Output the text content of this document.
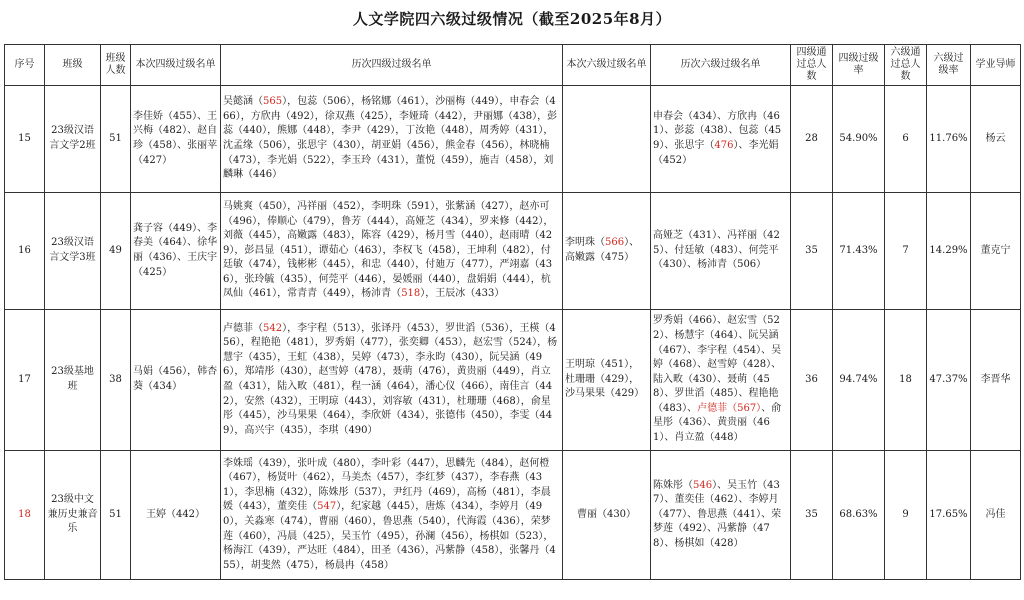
人文学院四六级过级情况（截至2025年8月）
序号	班级	班级人数	本次四级过级名单	历次四级过级名单	本次六级过级名单	历次六级过级名单	四级通过总人数	四级过级率	六级通过总人数	六级过级率	学业导师
15	23级汉语言文学2班	51	李佳娇（455）、王兴梅（482）、赵自珍（458）、张丽苹（427）	吴懿涵（565），包蕊（506），杨铭娜（461），沙丽梅（449），申春会（466），方欣冉（492），徐双燕（425），李娅琦（442），尹丽娜（438），彭蕊（440），熊娜（448），李尹（429），丁汝艳（448），周秀婷（431），沈孟缘（506），张思宇（430），胡亚娟（456），熊金春（456），林晓楠（473），李光娟（522），李玉玲（431），董悦（459），施吉（458），刘麟琳（446）		申春会（434）、方欣冉（461）、彭蕊（438）、包蕊（459）、张思宇（476）、李光娟（452）	28	54.90%	6	11.76%	杨云
16	23级汉语言文学3班	49	龚子容（449）、李春美（464）、徐华丽（436）、王庆宇（425）	马姚爽（450），冯祥丽（452），李明珠（591），张紫涵（427），赵亦可（496），俸顺心（479），鲁芳（444），高娅芝（434），罗来修（442），刘薇（445），高嫩露（483），陈容（429），杨月雪（440），赵雨晴（429），彭昌显（451），谭茹心（463），李权飞（458），王坤利（482），付廷敏（474），钱彬彬（445），和忠（440），付廸万（477），严翊嘉（436），张玲毓（435），何莞平（446），晏媛丽（440），盘娟娟（444），杭凤仙（461），常青青（449），杨沛青（518），王辰冰（433）	李明珠（566）、高嫩露（475）	高娅芝（431）、冯祥丽（425）、付廷敏（483）、何莞平（430）、杨沛青（506）	35	71.43%	7	14.29%	董克宁
17	23级基地班	38	马娟（456），韩杏葵（434）	卢德菲（542），李宇程（513），张译丹（453），罗世滔（536），王楧（456），程艳艳（481），罗秀娟（477），张奕卿（453），赵宏雪（524），杨慧宇（435），王虹（438），吴婷（473），李永昀（430），阮吴涵（496），郑靖彤（430），赵雪婷（478），聂萌（476），黄贵丽（449），肖立盈（431），陆入畋（481），程一涵（464），潘心仪（466），南佳言（442），安然（432），王明琼（443），刘容敏（431），杜珊珊（468），俞星彤（445），沙马果果（464），李欣妍（434），张德伟（450），李雯（449），高兴宇（435），李琪（490）	王明琼（451），杜珊珊（429），沙马果果（429）	罗秀娟（466）、赵宏雪（522）、杨慧宇（464）、阮吴涵（467）、李宇程（454）、吴婷（468）、赵雪婷（428）、陆入畋（430）、聂萌（458）、罗世滔（485）、程艳艳（483）、卢德菲（567）、俞星彤（436）、黄贵丽（461）、肖立盈（448）	36	94.74%	18	47.37%	李晋华
18	23级中文兼历史兼音乐	51	王婷（442）	李姝瑶（439），张叶成（480），李叶彩（447），思麟先（484），赵何橙（467），杨贤叶（462），马美杰（457），李红梦（437），李春燕（431），李思楠（432），陈姝彤（537），尹红丹（469），高杨（481），李晨媛（443），董奕佳（547），纪家越（445），唐炼（434），李婷月（490），关淼寒（474），曹丽（460），鲁思燕（540），代海霞（436），荣梦莲（460），冯晨（425），吴玉竹（495），孙澜（456），杨棋如（523），杨海江（439），严达旺（484），田圣（436），冯紫静（458），张馨丹（455），胡斐然（475），杨晨冉（458）	曹丽（430）	陈姝彤（546）、吴玉竹（437）、董奕佳（462）、李婷月（477）、鲁思燕（441）、荣梦莲（492）、冯紫静（478）、杨棋如（428）	35	68.63%	9	17.65%	冯佳
